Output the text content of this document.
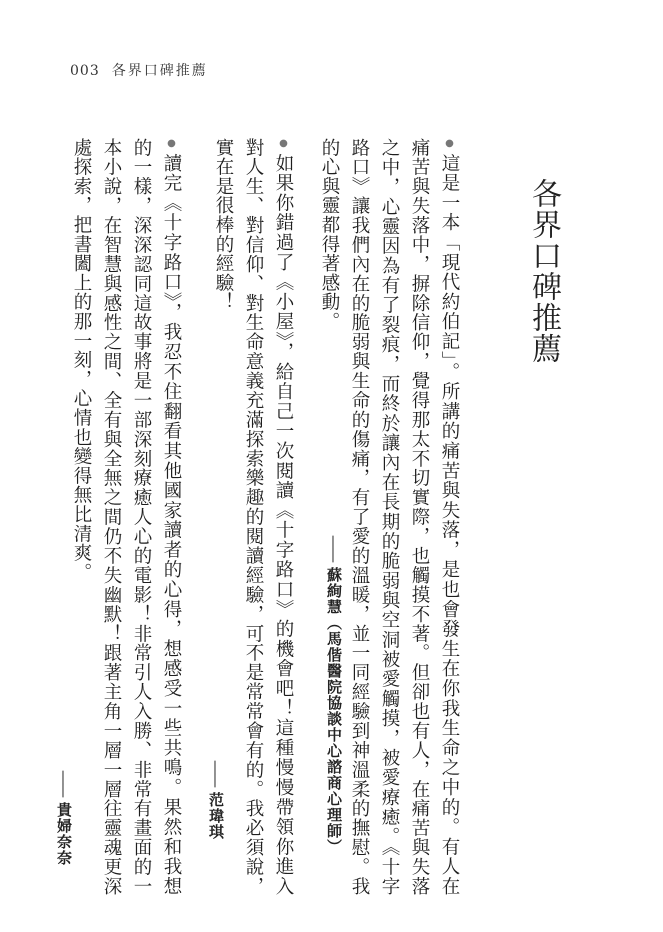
003 各界口碑推薦
各界口碑推薦
●這是一本「現代約伯記」。所講的痛苦與失落，是也會發生在你我生命之中的。有人在痛苦與失落中，摒除信仰，覺得那太不切實際，也觸摸不著。但卻也有人，在痛苦與失落之中，心靈因為有了裂痕，而終於讓內在長期的脆弱與空洞被愛觸摸，被愛療癒。《十字路口》讓我們內在的脆弱與生命的傷痛，有了愛的溫暖，並一同經驗到神溫柔的撫慰。我的心與靈都得著感動。
——蘇絢慧（馬偕醫院協談中心諮商心理師）
●如果你錯過了《小屋》，給自己一次閱讀《十字路口》的機會吧！這種慢慢帶領你進入對人生、對信仰、對生命意義充滿探索樂趣的閱讀經驗，可不是常常會有的。我必須說，實在是很棒的經驗！
——范瑋琪
●讀完《十字路口》，我忍不住翻看其他國家讀者的心得，想感受一些共鳴。果然和我想的一樣，深深認同這故事將是一部深刻療癒人心的電影！非常引人入勝、非常有畫面的一本小說，在智慧與感性之間、全有與全無之間仍不失幽默！跟著主角一層一層往靈魂更深處探索，把書闔上的那一刻，心情也變得無比清爽。
——貴婦奈奈
